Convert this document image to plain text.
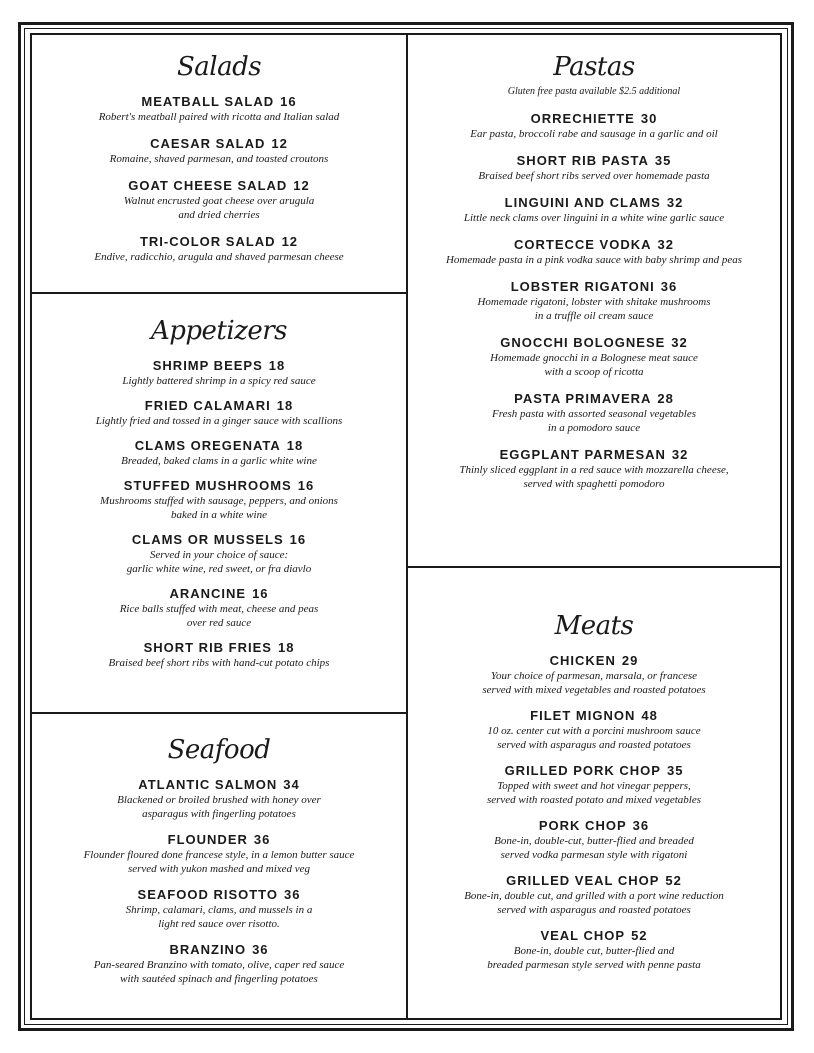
Salads
MEATBALL SALAD 16
Robert's meatball paired with ricotta and Italian salad
CAESAR SALAD 12
Romaine, shaved parmesan, and toasted croutons
GOAT CHEESE SALAD 12
Walnut encrusted goat cheese over arugula
and dried cherries
TRI-COLOR SALAD 12
Endive, radicchio, arugula and shaved parmesan cheese
Appetizers
SHRIMP BEEPS 18
Lightly battered shrimp in a spicy red sauce
FRIED CALAMARI 18
Lightly fried and tossed in a ginger sauce with scallions
CLAMS OREGENATA 18
Breaded, baked clams in a garlic white wine
STUFFED MUSHROOMS 16
Mushrooms stuffed with sausage, peppers, and onions
baked in a white wine
CLAMS OR MUSSELS 16
Served in your choice of sauce:
garlic white wine, red sweet, or fra diavlo
ARANCINE 16
Rice balls stuffed with meat, cheese and peas
over red sauce
SHORT RIB FRIES 18
Braised beef short ribs with hand-cut potato chips
Seafood
ATLANTIC SALMON 34
Blackened or broiled brushed with honey over
asparagus with fingerling potatoes
FLOUNDER 36
Flounder floured done francese style, in a lemon butter sauce
served with yukon mashed and mixed veg
SEAFOOD RISOTTO 36
Shrimp, calamari, clams, and mussels in a
light red sauce over risotto.
BRANZINO 36
Pan-seared Branzino with tomato, olive, caper red sauce
with sautéed spinach and fingerling potatoes
Pastas

Gluten free pasta available $2.5 additional

ORRECHIETTE 30
Ear pasta, broccoli rabe and sausage in a garlic and oil
SHORT RIB PASTA 35
Braised beef short ribs served over homemade pasta
LINGUINI AND CLAMS 32
Little neck clams over linguini in a white wine garlic sauce
CORTECCE VODKA 32
Homemade pasta in a pink vodka sauce with baby shrimp and peas
LOBSTER RIGATONI 36
Homemade rigatoni, lobster with shitake mushrooms
in a truffle oil cream sauce
GNOCCHI BOLOGNESE 32
Homemade gnocchi in a Bolognese meat sauce
with a scoop of ricotta
PASTA PRIMAVERA 28
Fresh pasta with assorted seasonal vegetables
in a pomodoro sauce
EGGPLANT PARMESAN 32
Thinly sliced eggplant in a red sauce with mozzarella cheese,
served with spaghetti pomodoro
Meats
CHICKEN 29
Your choice of parmesan, marsala, or francese
served with mixed vegetables and roasted potatoes
FILET MIGNON 48
10 oz. center cut with a porcini mushroom sauce
served with asparagus and roasted potatoes
GRILLED PORK CHOP 35
Topped with sweet and hot vinegar peppers,
served with roasted potato and mixed vegetables
PORK CHOP 36
Bone-in, double-cut, butter-flied and breaded
served vodka parmesan style with rigatoni
GRILLED VEAL CHOP 52
Bone-in, double cut, and grilled with a port wine reduction
served with asparagus and roasted potatoes
VEAL CHOP 52
Bone-in, double cut, butter-flied and
breaded parmesan style served with penne pasta
